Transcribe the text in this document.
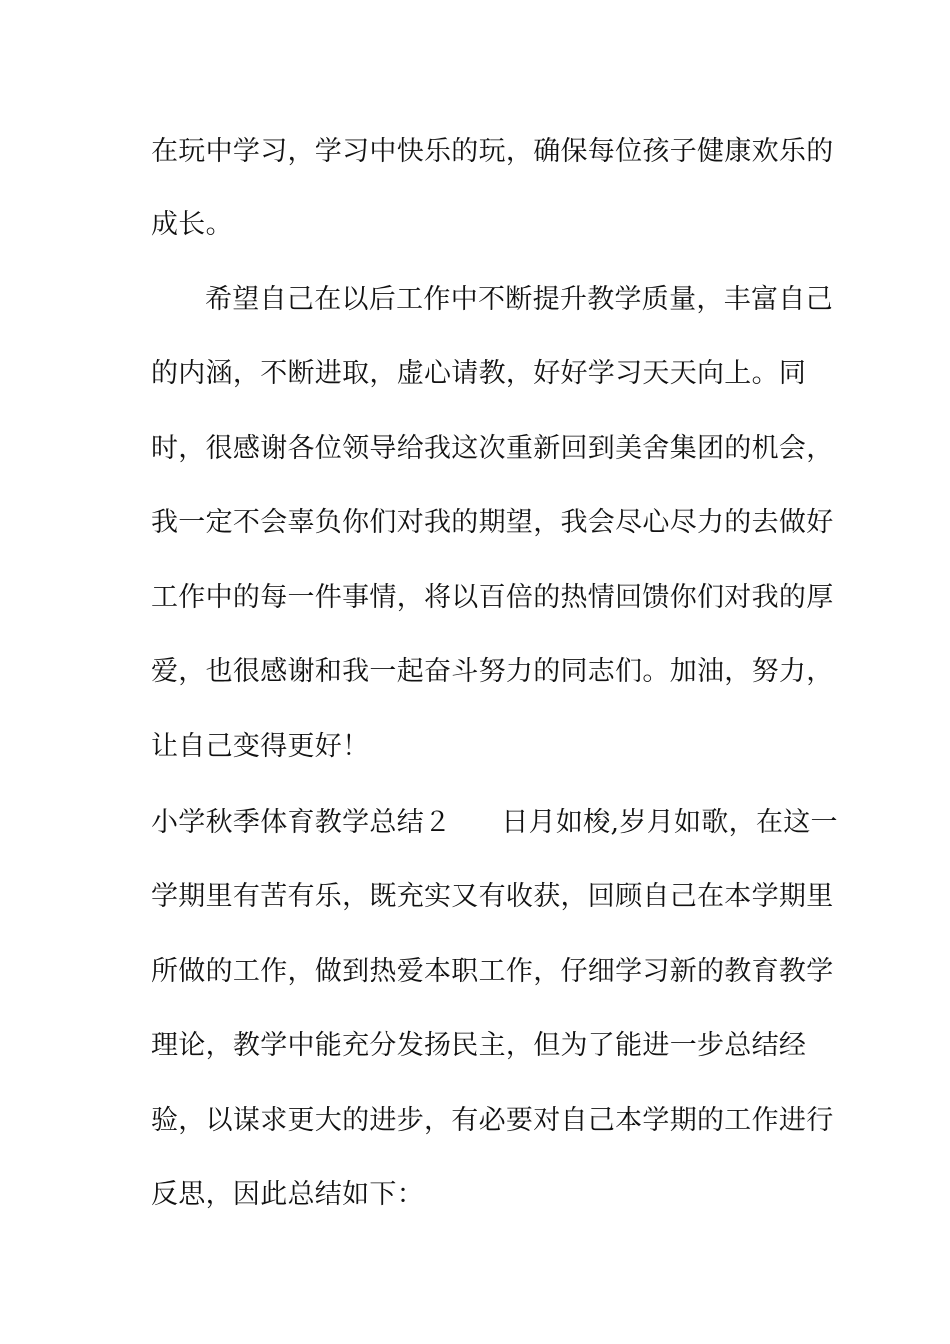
在玩中学习，学习中快乐的玩，确保每位孩子健康欢乐的
成长。
希望自己在以后工作中不断提升教学质量，丰富自己
的内涵，不断进取，虚心请教，好好学习天天向上。同
时，很感谢各位领导给我这次重新回到美舍集团的机会，
我一定不会辜负你们对我的期望，我会尽心尽力的去做好
工作中的每一件事情，将以百倍的热情回馈你们对我的厚
爱，也很感谢和我一起奋斗努力的同志们。加油，努力，
让自己变得更好！
小学秋季体育教学总结２ 日月如梭,岁月如歌，在这一
学期里有苦有乐，既充实又有收获，回顾自己在本学期里
所做的工作，做到热爱本职工作，仔细学习新的教育教学
理论，教学中能充分发扬民主，但为了能进一步总结经
验，以谋求更大的进步，有必要对自己本学期的工作进行
反思，因此总结如下：
